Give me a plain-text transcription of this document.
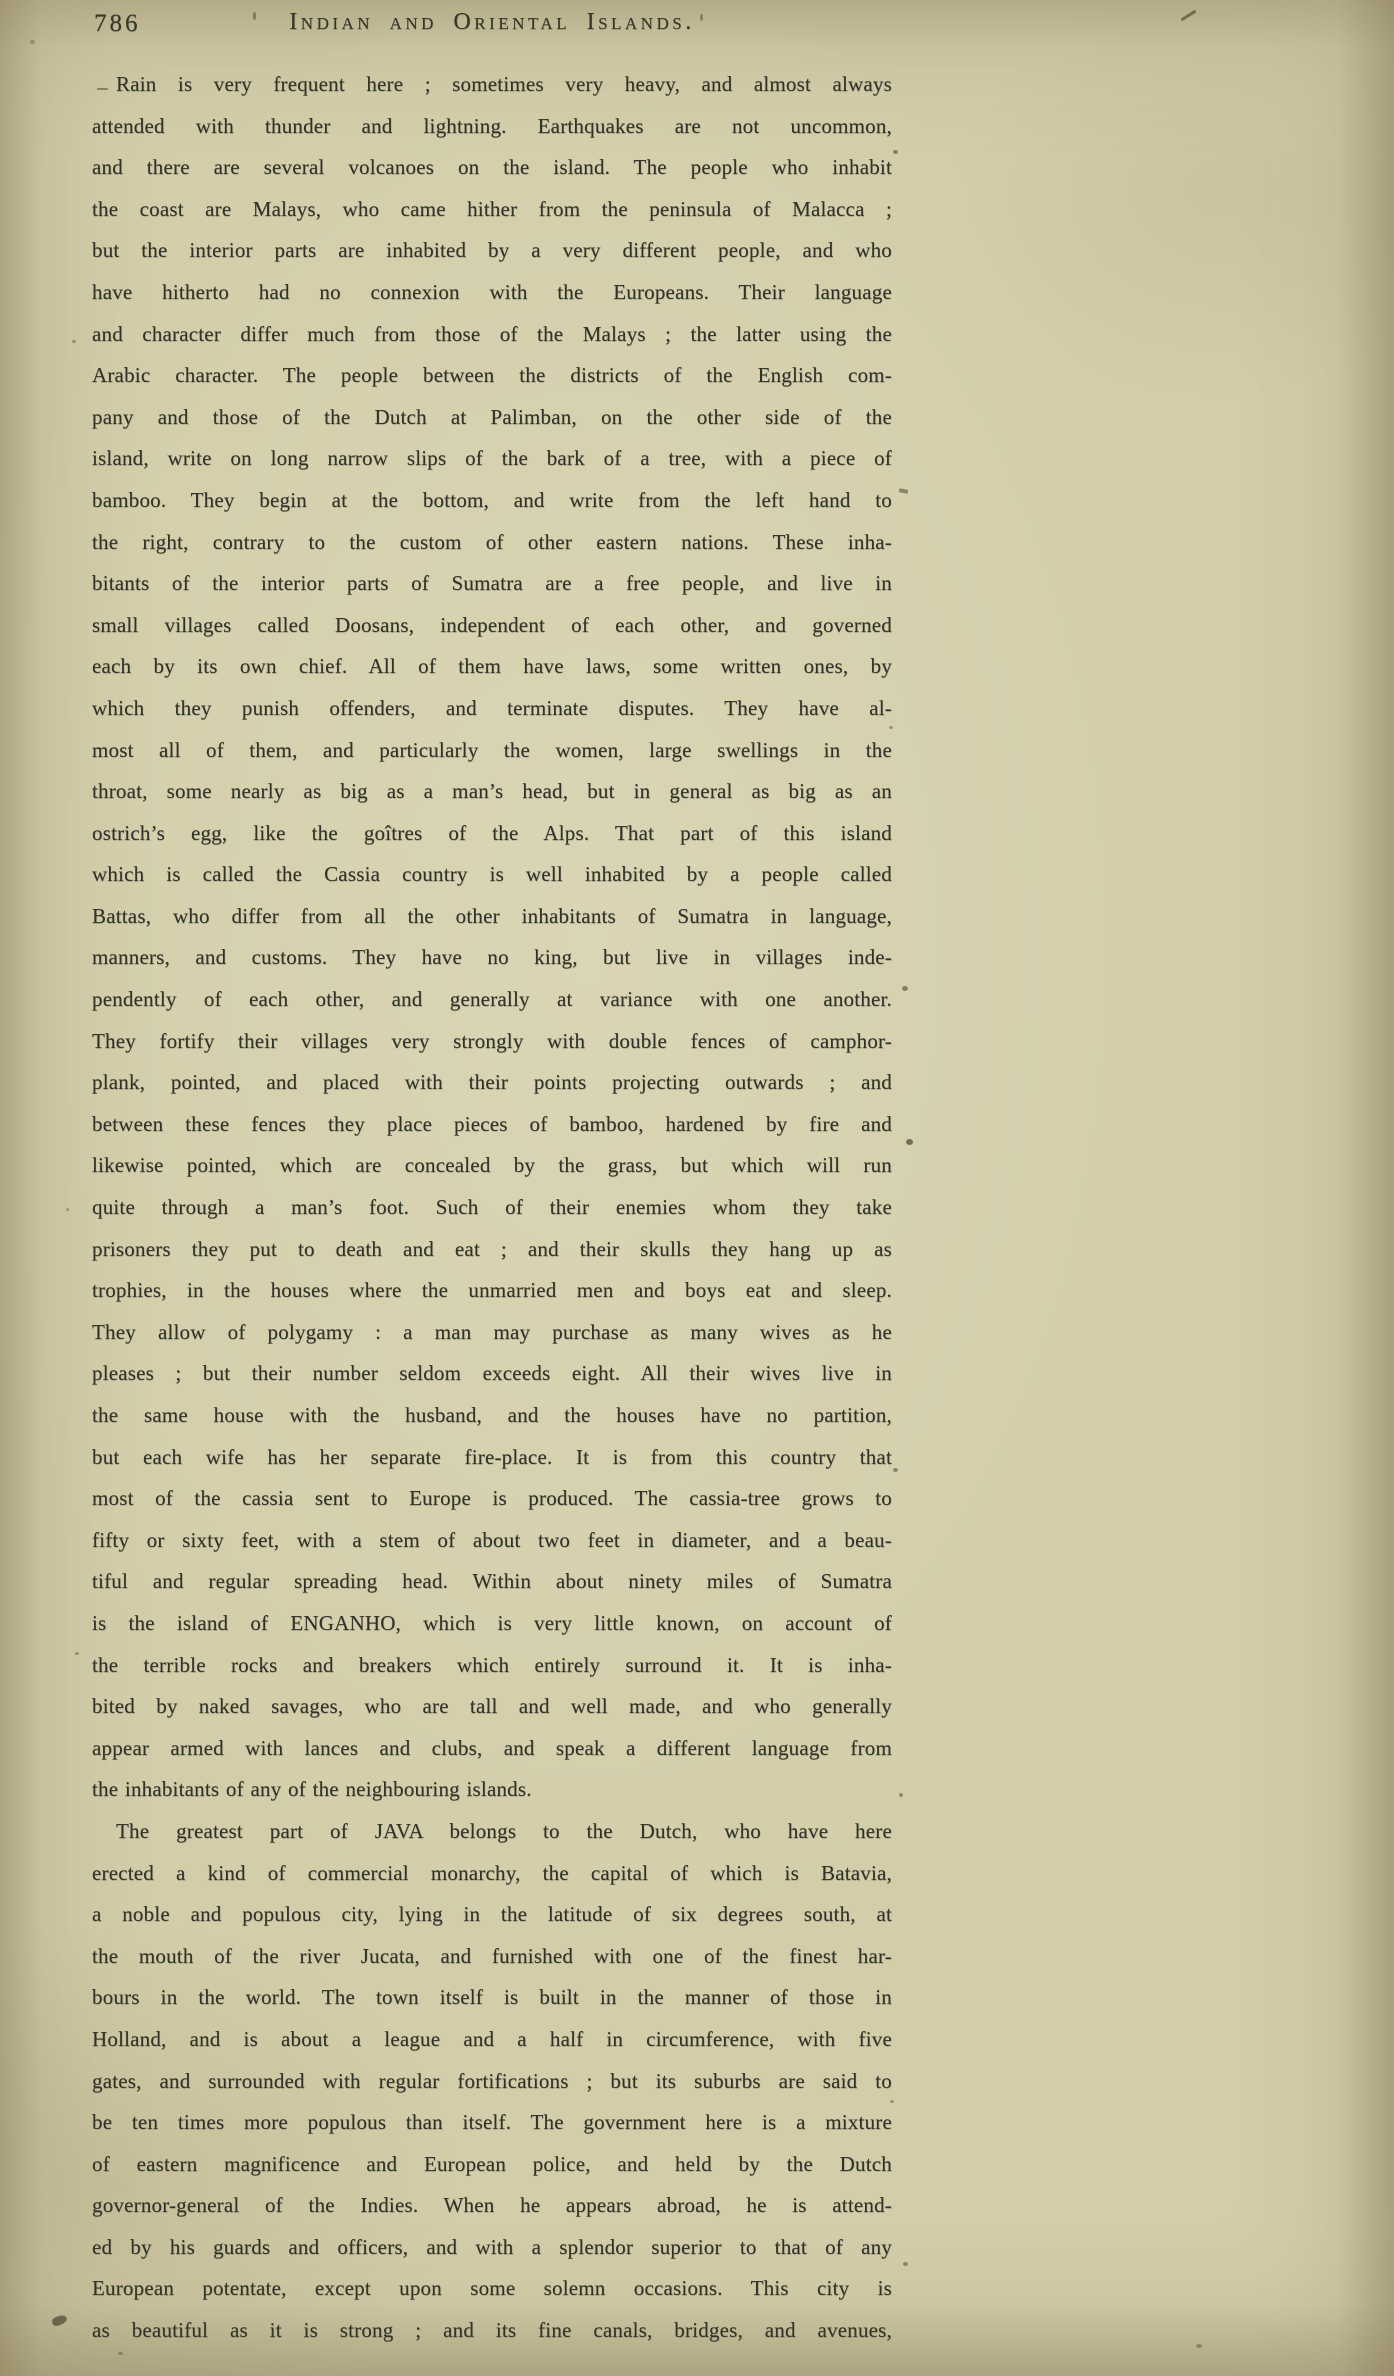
786	Indian and Oriental Islands.
Rain is very frequent here ; sometimes very heavy, and almost always
attended with thunder and lightning. Earthquakes are not uncommon,
and there are several volcanoes on the island. The people who inhabit
the coast are Malays, who came hither from the peninsula of Malacca ;
but the interior parts are inhabited by a very different people, and who
have hitherto had no connexion with the Europeans. Their language
and character differ much from those of the Malays ; the latter using the
Arabic character. The people between the districts of the English com-
pany and those of the Dutch at Palimban, on the other side of the
island, write on long narrow slips of the bark of a tree, with a piece of
bamboo. They begin at the bottom, and write from the left hand to
the right, contrary to the custom of other eastern nations. These inha-
bitants of the interior parts of Sumatra are a free people, and live in
small villages called Doosans, independent of each other, and governed
each by its own chief. All of them have laws, some written ones, by
which they punish offenders, and terminate disputes. They have al-
most all of them, and particularly the women, large swellings in the
throat, some nearly as big as a man’s head, but in general as big as an
ostrich’s egg, like the goîtres of the Alps. That part of this island
which is called the Cassia country is well inhabited by a people called
Battas, who differ from all the other inhabitants of Sumatra in language,
manners, and customs. They have no king, but live in villages inde-
pendently of each other, and generally at variance with one another.
They fortify their villages very strongly with double fences of camphor-
plank, pointed, and placed with their points projecting outwards ; and
between these fences they place pieces of bamboo, hardened by fire and
likewise pointed, which are concealed by the grass, but which will run
quite through a man’s foot. Such of their enemies whom they take
prisoners they put to death and eat ; and their skulls they hang up as
trophies, in the houses where the unmarried men and boys eat and sleep.
They allow of polygamy : a man may purchase as many wives as he
pleases ; but their number seldom exceeds eight. All their wives live in
the same house with the husband, and the houses have no partition,
but each wife has her separate fire-place. It is from this country that
most of the cassia sent to Europe is produced. The cassia-tree grows to
fifty or sixty feet, with a stem of about two feet in diameter, and a beau-
tiful and regular spreading head. Within about ninety miles of Sumatra
is the island of ENGANHO, which is very little known, on account of
the terrible rocks and breakers which entirely surround it. It is inha-
bited by naked savages, who are tall and well made, and who generally
appear armed with lances and clubs, and speak a different language from
the inhabitants of any of the neighbouring islands.
The greatest part of JAVA belongs to the Dutch, who have here
erected a kind of commercial monarchy, the capital of which is Batavia,
a noble and populous city, lying in the latitude of six degrees south, at
the mouth of the river Jucata, and furnished with one of the finest har-
bours in the world. The town itself is built in the manner of those in
Holland, and is about a league and a half in circumference, with five
gates, and surrounded with regular fortifications ; but its suburbs are said to
be ten times more populous than itself. The government here is a mixture
of eastern magnificence and European police, and held by the Dutch
governor-general of the Indies. When he appears abroad, he is attend-
ed by his guards and officers, and with a splendor superior to that of any
European potentate, except upon some solemn occasions. This city is
as beautiful as it is strong ; and its fine canals, bridges, and avenues,
